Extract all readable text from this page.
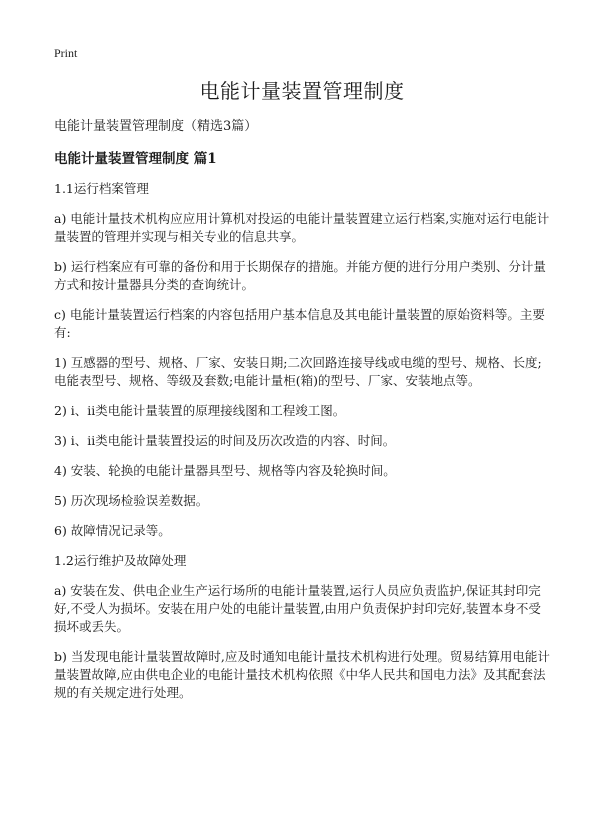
Print
电能计量装置管理制度
电能计量装置管理制度（精选3篇）
电能计量装置管理制度 篇1

1.1运行档案管理

a) 电能计量技术机构应应用计算机对投运的电能计量装置建立运行档案,实施对运行电能计量装置的管理并实现与相关专业的信息共享。

b) 运行档案应有可靠的备份和用于长期保存的措施。并能方便的进行分用户类别、分计量方式和按计量器具分类的查询统计。

c) 电能计量装置运行档案的内容包括用户基本信息及其电能计量装置的原始资料等。主要有:

1) 互感器的型号、规格、厂家、安装日期;二次回路连接导线或电缆的型号、规格、长度;电能表型号、规格、等级及套数;电能计量柜(箱)的型号、厂家、安装地点等。

2) i、ii类电能计量装置的原理接线图和工程竣工图。

3) i、ii类电能计量装置投运的时间及历次改造的内容、时间。

4) 安装、轮换的电能计量器具型号、规格等内容及轮换时间。

5) 历次现场检验误差数据。

6) 故障情况记录等。

1.2运行维护及故障处理

a) 安装在发、供电企业生产运行场所的电能计量装置,运行人员应负责监护,保证其封印完好,不受人为损坏。安装在用户处的电能计量装置,由用户负责保护封印完好,装置本身不受损坏或丢失。

b) 当发现电能计量装置故障时,应及时通知电能计量技术机构进行处理。贸易结算用电能计量装置故障,应由供电企业的电能计量技术机构依照《中华人民共和国电力法》及其配套法规的有关规定进行处理。
